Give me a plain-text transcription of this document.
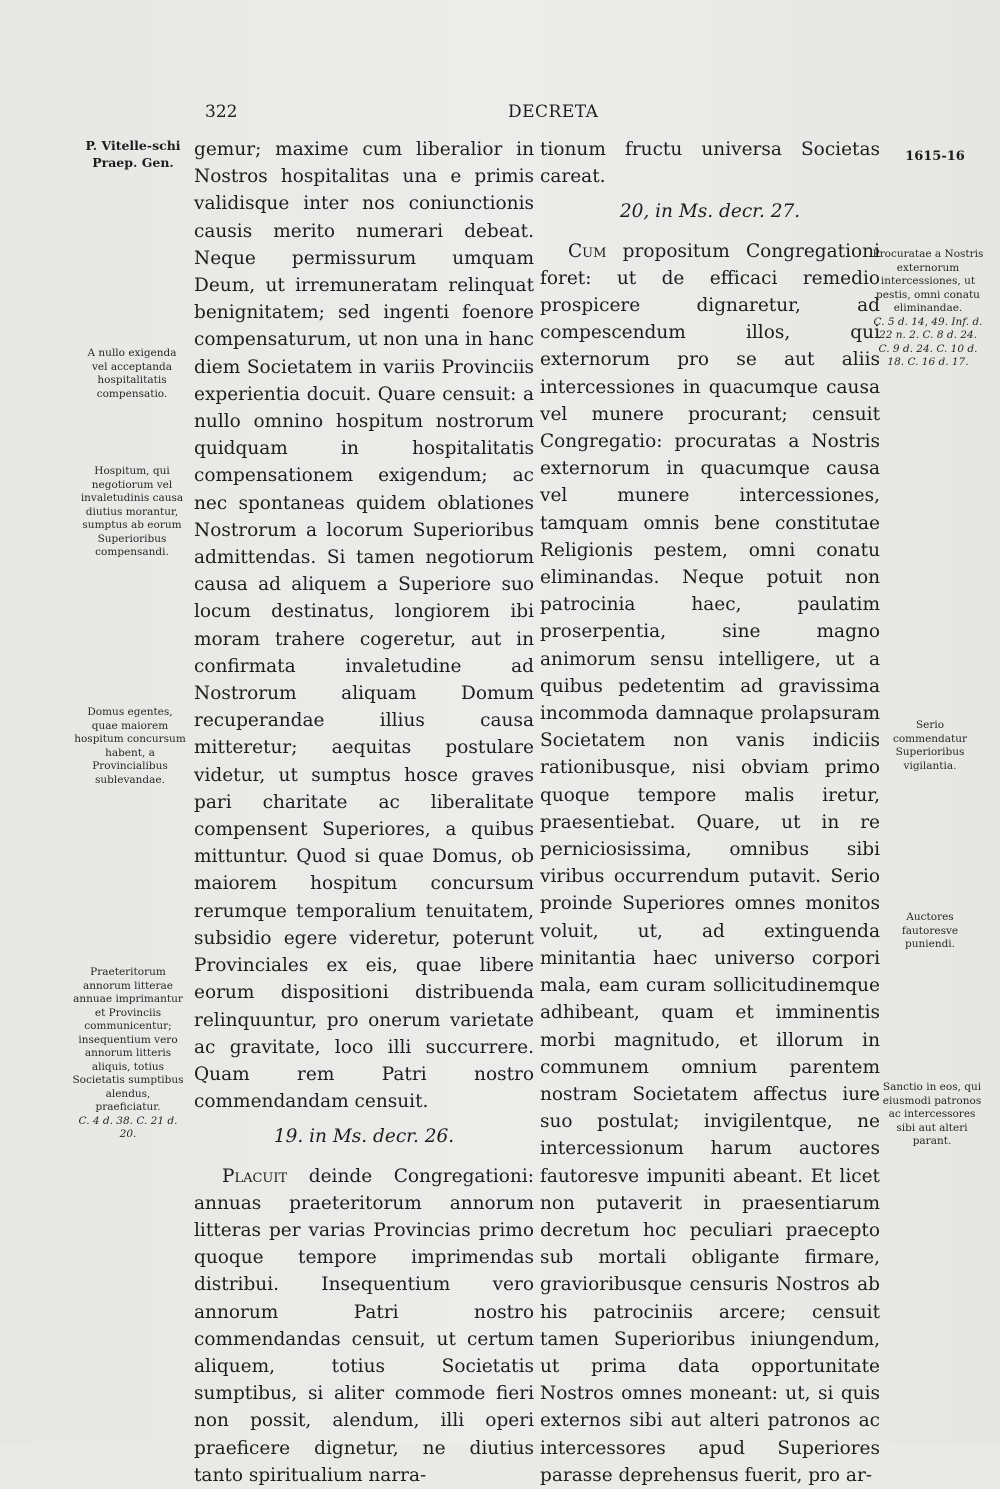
322	DECRETA
P. Vitelle-schi Praep. Gen.	1615-16
A nullo exigenda vel acceptanda hospitalitatis compensatio.
Hospitum, qui negotiorum vel invaletudinis causa diutius morantur, sumptus ab eorum Superioribus compensandi.
Domus egentes, quae maiorem hospitum concursum habent, a Provincialibus sublevandae.
Praeteritorum annorum litterae annuae imprimantur et Provinciis communicentur; insequentium vero annorum litteris aliquis, totius Societatis sumptibus alendus, praeficiatur.
C. 4 d. 38. C. 21 d. 20.
Procuratae a Nostris externorum intercessiones, ut pestis, omni conatu eliminandae.
C. 5 d. 14, 49. Inf. d. 22 n. 2. C. 8 d. 24. C. 9 d. 24. C. 10 d. 18. C. 16 d. 17.
Serio commendatur Superioribus vigilantia.
Auctores fautoresve puniendi.
Sanctio in eos, qui eiusmodi patronos ac intercessores sibi aut alteri parant.

gemur; maxime cum liberalior in Nostros hospitalitas una e primis validisque inter nos coniunctionis causis merito numerari debeat. Neque permissurum umquam Deum, ut irremuneratam relinquat benignitatem; sed ingenti foenore compensaturum, ut non una in hanc diem Societatem in variis Provinciis experientia docuit. Quare censuit: a nullo omnino hospitum nostrorum quidquam in hospitalitatis compensationem exigendum; ac nec spontaneas quidem oblationes Nostrorum a locorum Superioribus admittendas. Si tamen negotiorum causa ad aliquem a Superiore suo locum destinatus, longiorem ibi moram trahere cogeretur, aut in confirmata invaletudine ad Nostrorum aliquam Domum recuperandae illius causa mitteretur; aequitas postulare videtur, ut sumptus hosce graves pari charitate ac liberalitate compensent Superiores, a quibus mittuntur. Quod si quae Domus, ob maiorem hospitum concursum rerumque temporalium tenuitatem, subsidio egere videretur, poterunt Provinciales ex eis, quae libere eorum dispositioni distribuenda relinquuntur, pro onerum varietate ac gravitate, loco illi succurrere. Quam rem Patri nostro commendandam censuit.

19. in Ms. decr. 26.

Placuit deinde Congregationi: annuas praeteritorum annorum litteras per varias Provincias primo quoque tempore imprimendas distribui. Insequentium vero annorum Patri nostro commendandas censuit, ut certum aliquem, totius Societatis sumptibus, si aliter commode fieri non possit, alendum, illi operi praeficere dignetur, ne diutius tanto spiritualium narra-

tionum fructu universa Societas careat.

20, in Ms. decr. 27.

Cum propositum Congregationi foret: ut de efficaci remedio prospicere dignaretur, ad compescendum illos, qui externorum pro se aut aliis intercessiones in quacumque causa vel munere procurant; censuit Congregatio: procuratas a Nostris externorum in quacumque causa vel munere intercessiones, tamquam omnis bene constitutae Religionis pestem, omni conatu eliminandas. Neque potuit non patrocinia haec, paulatim proserpentia, sine magno animorum sensu intelligere, ut a quibus pedetentim ad gravissima incommoda damnaque prolapsuram Societatem non vanis indiciis rationibusque, nisi obviam primo quoque tempore malis iretur, praesentiebat. Quare, ut in re perniciosissima, omnibus sibi viribus occurrendum putavit. Serio proinde Superiores omnes monitos voluit, ut, ad extinguenda minitantia haec universo corpori mala, eam curam sollicitudinemque adhibeant, quam et imminentis morbi magnitudo, et illorum in communem omnium parentem nostram Societatem affectus iure suo postulat; invigilentque, ne intercessionum harum auctores fautoresve impuniti abeant. Et licet non putaverit in praesentiarum decretum hoc peculiari praecepto sub mortali obligante firmare, gravioribusque censuris Nostros ab his patrociniis arcere; censuit tamen Superioribus iniungendum, ut prima data opportunitate Nostros omnes moneant: ut, si quis externos sibi aut alteri patronos ac intercessores apud Superiores parasse deprehensus fuerit, pro ar-
